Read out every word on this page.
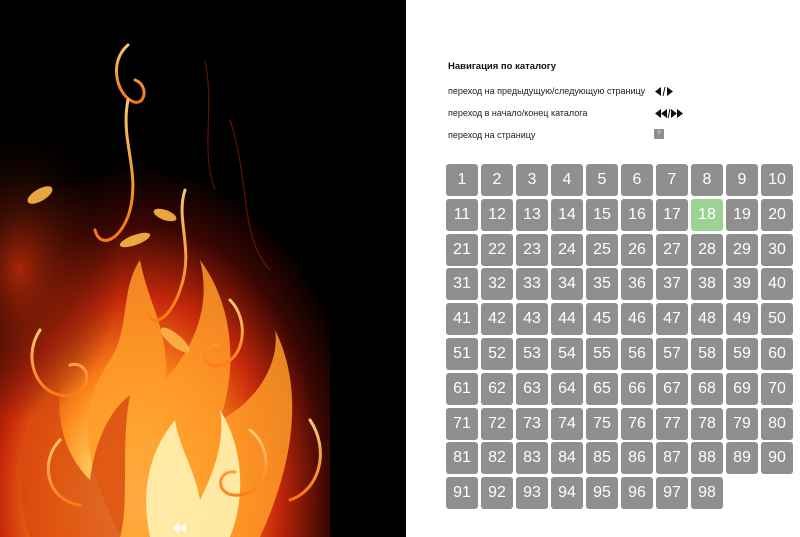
Навигация по каталогу
переход на предыдущую/следующую страницу
переход в начало/конец каталога
переход на страницу	?
1	2	3	4	5	6	7	8	9	10
11	12	13	14	15	16	17	18	19	20
21	22	23	24	25	26	27	28	29	30
31	32	33	34	35	36	37	38	39	40
41	42	43	44	45	46	47	48	49	50
51	52	53	54	55	56	57	58	59	60
61	62	63	64	65	66	67	68	69	70
71	72	73	74	75	76	77	78	79	80
81	82	83	84	85	86	87	88	89	90
91	92	93	94	95	96	97	98
